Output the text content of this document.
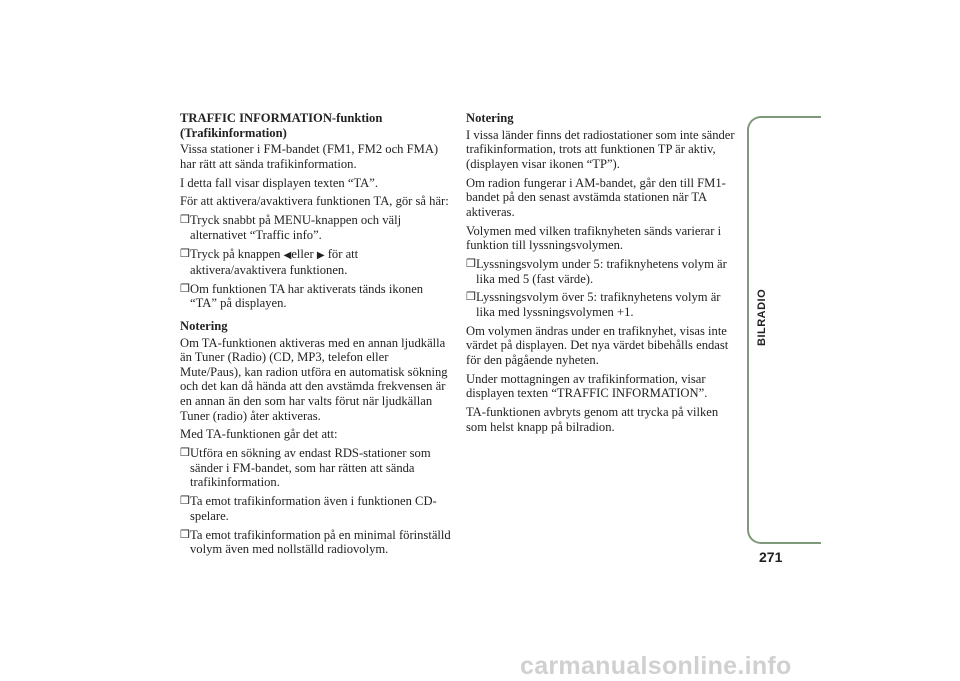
TRAFFIC INFORMATION-funktion
(Trafikinformation)

Vissa stationer i FM-bandet (FM1, FM2 och FMA) har rätt att sända trafikinformation.

I detta fall visar displayen texten “TA”.

För att aktivera/avaktivera funktionen TA, gör så här:

❒ Tryck snabbt på MENU-knappen och välj alternativet “Traffic info”.
❒ Tryck på knappen ◀eller ▶ för att aktivera/avaktivera funktionen.
❒ Om funktionen TA har aktiverats tänds ikonen “TA” på displayen.
Notering

Om TA-funktionen aktiveras med en annan ljudkälla än Tuner (Radio) (CD, MP3, telefon eller Mute/Paus), kan radion utföra en automatisk sökning och det kan då hända att den avstämda frekvensen är en annan än den som har valts förut när ljudkällan Tuner (radio) åter aktiveras.

Med TA-funktionen går det att:

❒ Utföra en sökning av endast RDS-stationer som sänder i FM-bandet, som har rätten att sända trafikinformation.
❒ Ta emot trafikinformation även i funktionen CD-spelare.
❒ Ta emot trafikinformation på en minimal förinställd volym även med nollställd radiovolym.
Notering

I vissa länder finns det radiostationer som inte sänder trafikinformation, trots att funktionen TP är aktiv, (displayen visar ikonen “TP”).

Om radion fungerar i AM-bandet, går den till FM1-bandet på den senast avstämda stationen när TA aktiveras.

Volymen med vilken trafiknyheten sänds varierar i funktion till lyssningsvolymen.

❒ Lyssningsvolym under 5: trafiknyhetens volym är lika med 5 (fast värde).
❒ Lyssningsvolym över 5: trafiknyhetens volym är lika med lyssningsvolymen +1.

Om volymen ändras under en trafiknyhet, visas inte värdet på displayen. Det nya värdet bibehålls endast för den pågående nyheten.

Under mottagningen av trafikinformation, visar displayen texten “TRAFFIC INFORMATION”.

TA-funktionen avbryts genom att trycka på vilken som helst knapp på bilradion.

BILRADIO
271
carmanualsonline.info
